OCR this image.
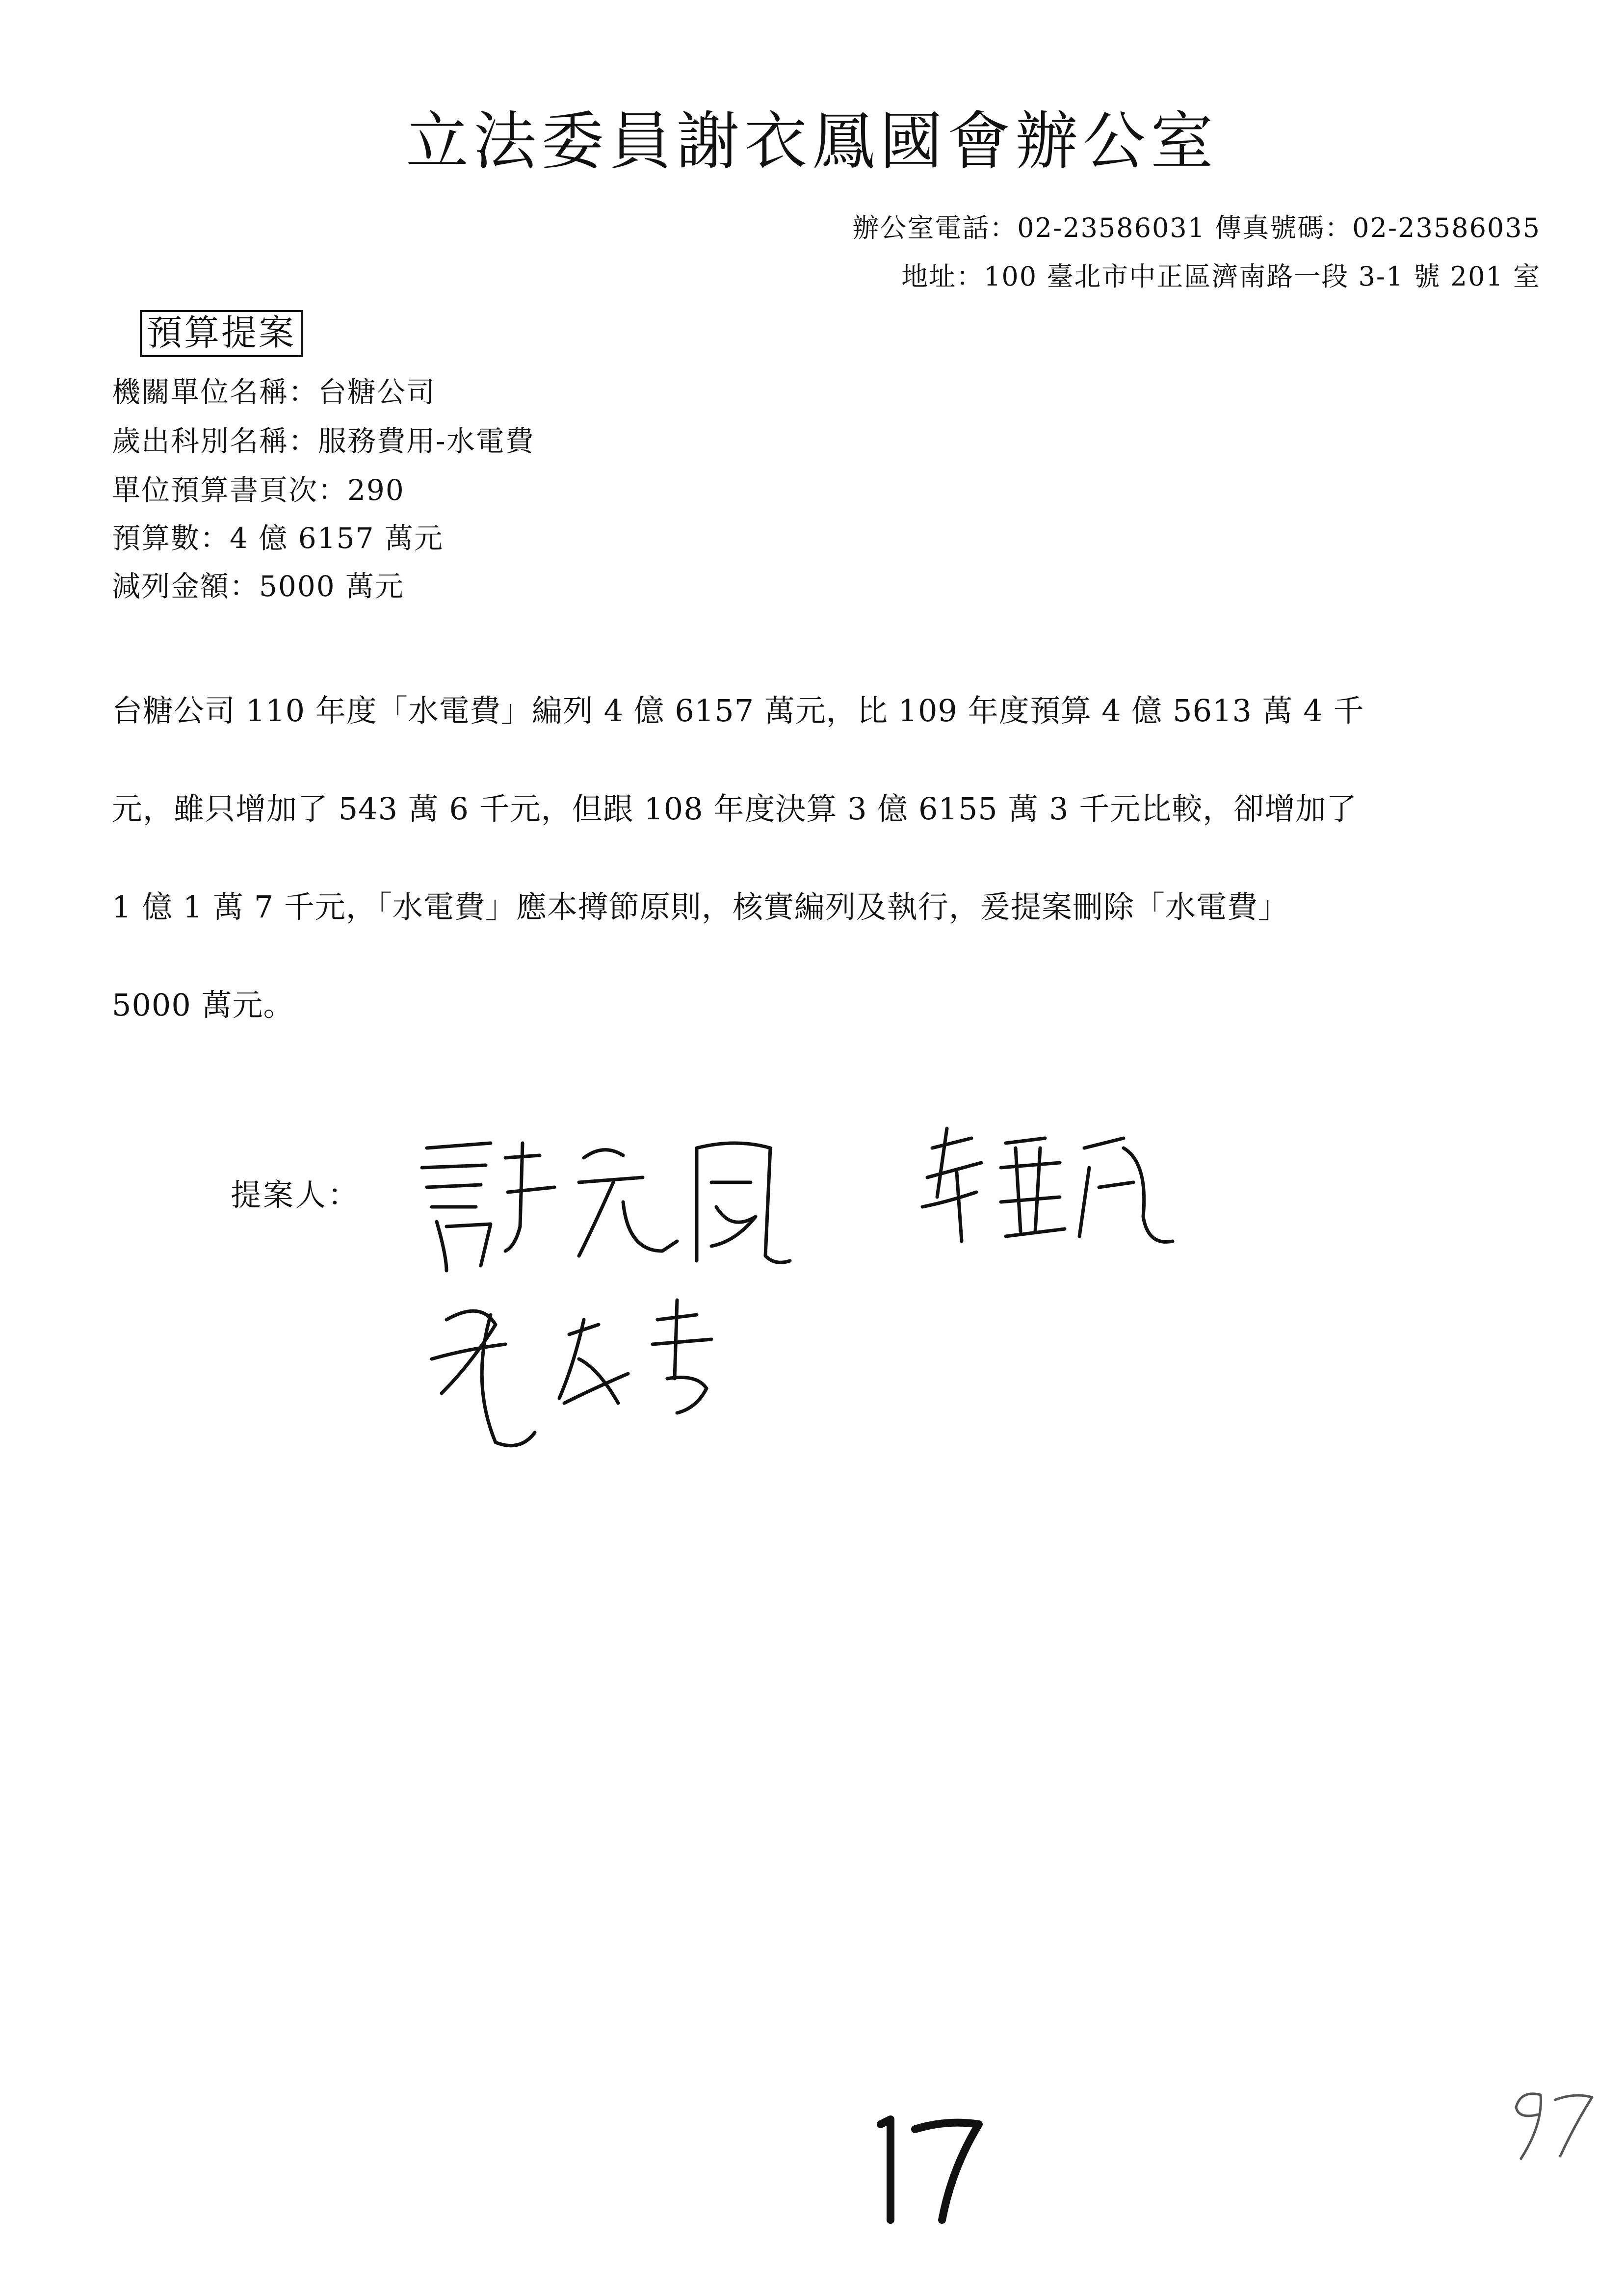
立法委員謝衣鳳國會辦公室
辦公室電話：02-23586031 傳真號碼：02-23586035
地址：100 臺北市中正區濟南路一段 3-1 號 201 室
預算提案
機關單位名稱：台糖公司
歲出科別名稱：服務費用-水電費
單位預算書頁次：290
預算數：4 億 6157 萬元
減列金額：5000 萬元
台糖公司 110 年度「水電費」編列 4 億 6157 萬元，比 109 年度預算 4 億 5613 萬 4 千
元，雖只增加了 543 萬 6 千元，但跟 108 年度決算 3 億 6155 萬 3 千元比較，卻增加了
1 億 1 萬 7 千元，「水電費」應本撙節原則，核實編列及執行，爰提案刪除「水電費」
5000 萬元。
提案人：
